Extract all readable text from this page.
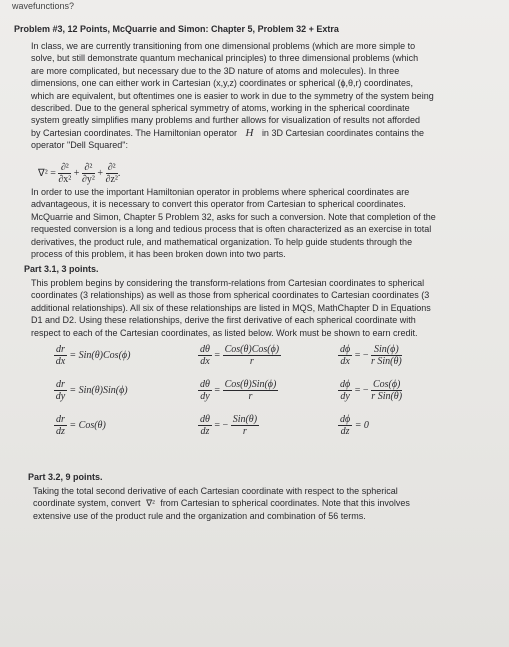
wavefunctions?
Problem #3, 12 Points, McQuarrie and Simon: Chapter 5, Problem 32 + Extra
In class, we are currently transitioning from one dimensional problems (which are more simple to
solve, but still demonstrate quantum mechanical principles) to three dimensional problems (which
are more complicated, but necessary due to the 3D nature of atoms and molecules). In three
dimensions, one can either work in Cartesian (x,y,z) coordinates or spherical (ϕ,θ,r) coordinates,
which are equivalent, but oftentimes one is easier to work in due to the symmetry of the system being
described. Due to the general spherical symmetry of atoms, working in the spherical coordinate
system greatly simplifies many problems and further allows for visualization of results not afforded
by Cartesian coordinates. The Hamiltonian operator H in 3D Cartesian coordinates contains the
operator "Dell Squared":
$\nabla^2 = \frac{\text{∂²}}{\text{∂x²}} + \frac{\text{∂²}}{\text{∂y²}} + \frac{\text{∂²}}{\text{∂z²}}$ .
In order to use the important Hamiltonian operator in problems where spherical coordinates are
advantageous, it is necessary to convert this operator from Cartesian to spherical coordinates.
McQuarrie and Simon, Chapter 5 Problem 32, asks for such a conversion. Note that completion of the
requested conversion is a long and tedious process that is often characterized as an exercise in total
derivatives, the product rule, and mathematical organization. To help guide students through the
process of this problem, it has been broken down into two parts.
Part 3.1, 3 points.
This problem begins by considering the transform-relations from Cartesian coordinates to spherical
coordinates (3 relationships) as well as those from spherical coordinates to Cartesian coordinates (3
additional relationships). All six of these relationships are listed in MQS, MathChapter D in Equations
D1 and D2. Using these relationships, derive the first derivative of each spherical coordinate with
respect to each of the Cartesian coordinates, as listed below. Work must be shown to earn credit.
$\frac{dr}{dx} = Sin(\theta)Cos(\phi)$	$\frac{d\theta}{dx} = \frac{\text{Cos(θ)Cos(ϕ)}}{r}$	$\frac{d\phi}{dx}$ = − $\frac{\text{Sin(ϕ)}}{\text{r Sin(θ)}}$
$\frac{dr}{dy} = Sin(\theta)Sin(\phi)$	$\frac{d\theta}{dy} = \frac{\text{Cos(θ)Sin(ϕ)}}{r}$	$\frac{d\phi}{dy}$ = − $\frac{\text{Cos(ϕ)}}{\text{r Sin(θ)}}$
$\frac{dr}{dz} = Cos(\theta)$	$\frac{d\theta}{dz}$ = − $\frac{\text{Sin(θ)}}{r}$	$\frac{d\phi}{dz} = 0$
Part 3.2, 9 points.
Taking the total second derivative of each Cartesian coordinate with respect to the spherical
coordinate system, convert ∇² from Cartesian to spherical coordinates. Note that this involves
extensive use of the product rule and the organization and combination of 56 terms.
